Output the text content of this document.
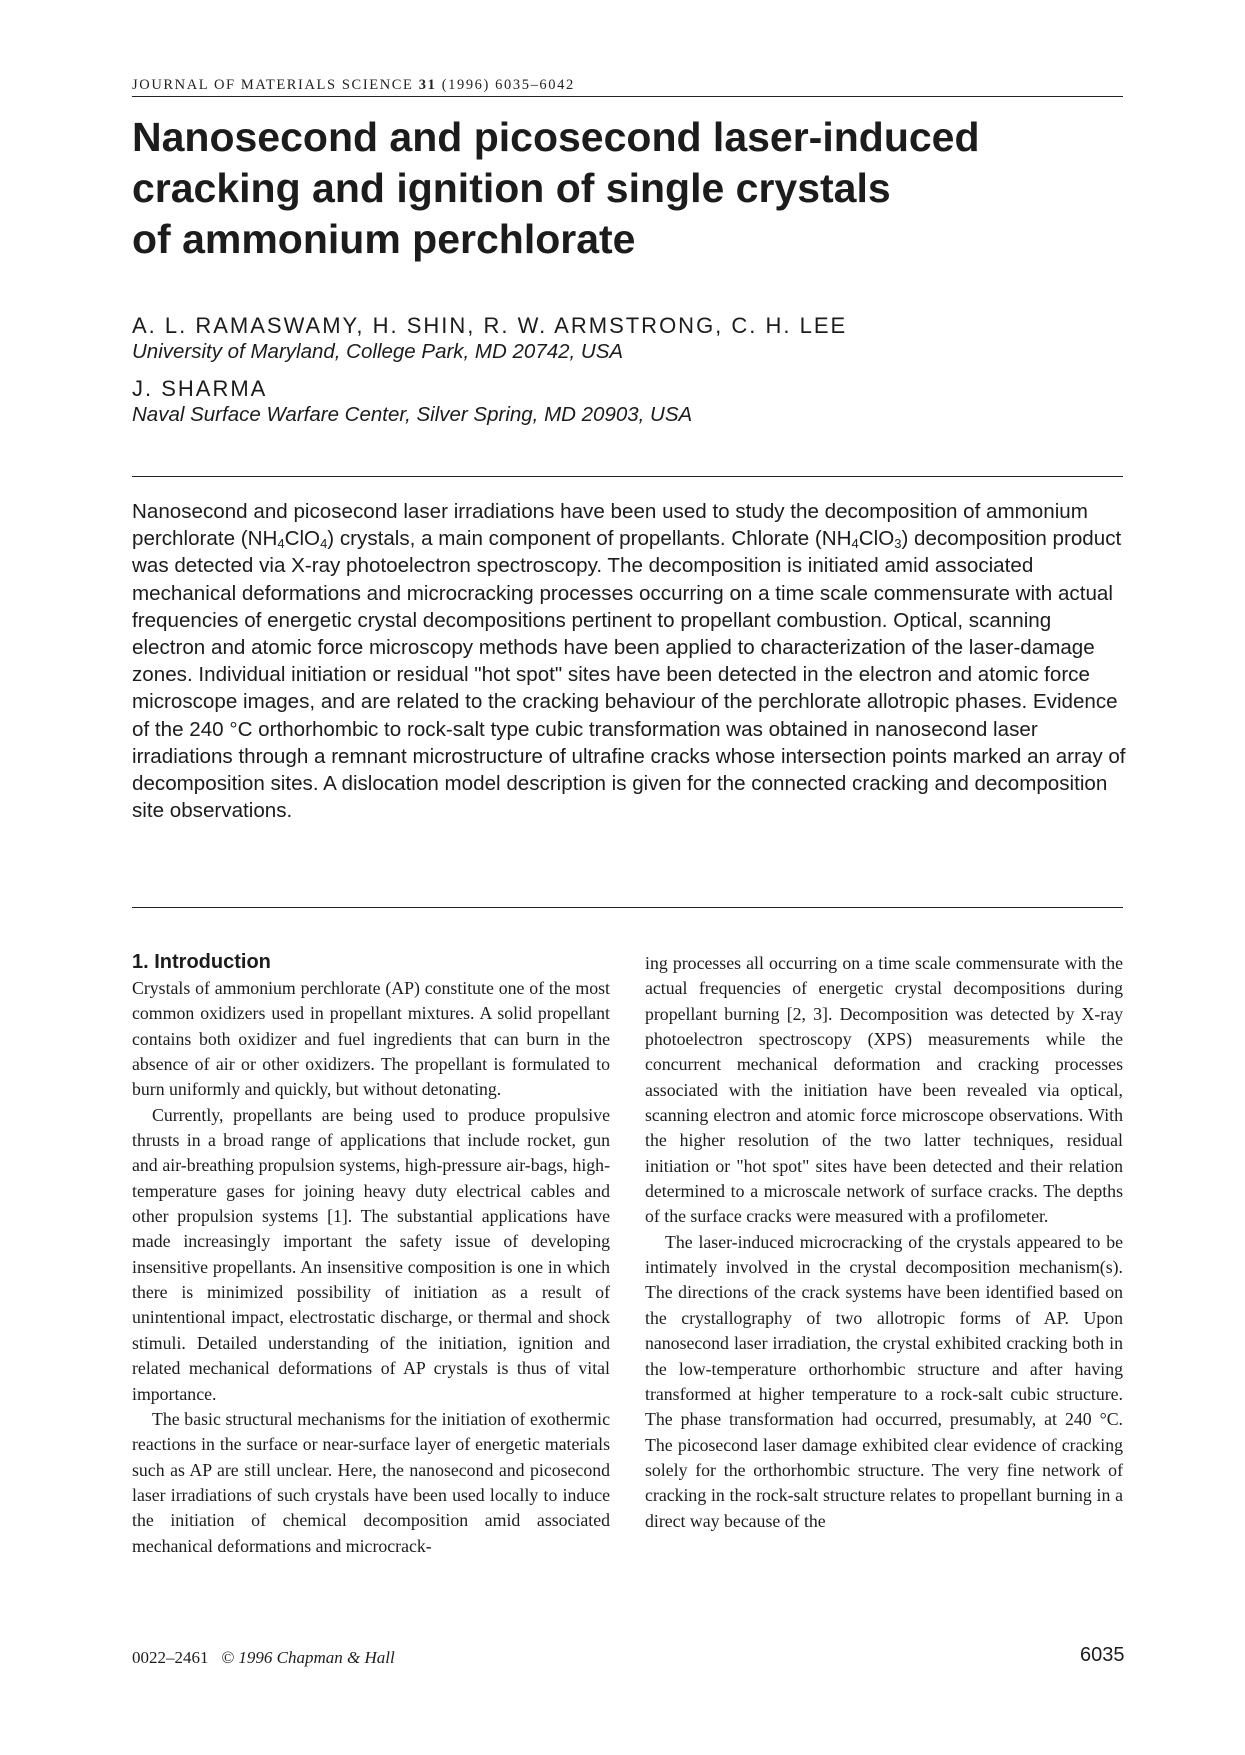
JOURNAL OF MATERIALS SCIENCE 31 (1996) 6035–6042
Nanosecond and picosecond laser-induced
cracking and ignition of single crystals
of ammonium perchlorate

A. L. RAMASWAMY, H. SHIN, R. W. ARMSTRONG, C. H. LEE

University of Maryland, College Park, MD 20742, USA

J. SHARMA

Naval Surface Warfare Center, Silver Spring, MD 20903, USA

Nanosecond and picosecond laser irradiations have been used to study the decomposition of ammonium perchlorate $(NH_4ClO_4)$ crystals, a main component of propellants. Chlorate $(NH_4ClO_3)$ decomposition product was detected via X-ray photoelectron spectroscopy. The decomposition is initiated amid associated mechanical deformations and microcracking processes occurring on a time scale commensurate with actual frequencies of energetic crystal decompositions pertinent to propellant combustion. Optical, scanning electron and atomic force microscopy methods have been applied to characterization of the laser-damage zones. Individual initiation or residual "hot spot" sites have been detected in the electron and atomic force microscope images, and are related to the cracking behaviour of the perchlorate allotropic phases. Evidence of the 240 °C orthorhombic to rock-salt type cubic transformation was obtained in nanosecond laser irradiations through a remnant microstructure of ultrafine cracks whose intersection points marked an array of decomposition sites. A dislocation model description is given for the connected cracking and decomposition site observations.

1. Introduction

Crystals of ammonium perchlorate (AP) constitute one of the most common oxidizers used in propellant mixtures. A solid propellant contains both oxidizer and fuel ingredients that can burn in the absence of air or other oxidizers. The propellant is formulated to burn uniformly and quickly, but without detonating.

Currently, propellants are being used to produce propulsive thrusts in a broad range of applications that include rocket, gun and air-breathing propulsion systems, high-pressure air-bags, high-temperature gases for joining heavy duty electrical cables and other propulsion systems [1]. The substantial applications have made increasingly important the safety issue of developing insensitive propellants. An insensitive composition is one in which there is minimized possibility of initiation as a result of unintentional impact, electrostatic discharge, or thermal and shock stimuli. Detailed understanding of the initiation, ignition and related mechanical deformations of AP crystals is thus of vital importance.

The basic structural mechanisms for the initiation of exothermic reactions in the surface or near-surface layer of energetic materials such as AP are still unclear. Here, the nanosecond and picosecond laser irradiations of such crystals have been used locally to induce the initiation of chemical decomposition amid associated mechanical deformations and microcrack-

ing processes all occurring on a time scale commensurate with the actual frequencies of energetic crystal decompositions during propellant burning [2, 3]. Decomposition was detected by X-ray photoelectron spectroscopy (XPS) measurements while the concurrent mechanical deformation and cracking processes associated with the initiation have been revealed via optical, scanning electron and atomic force microscope observations. With the higher resolution of the two latter techniques, residual initiation or "hot spot" sites have been detected and their relation determined to a microscale network of surface cracks. The depths of the surface cracks were measured with a profilometer.

The laser-induced microcracking of the crystals appeared to be intimately involved in the crystal decomposition mechanism(s). The directions of the crack systems have been identified based on the crystallography of two allotropic forms of AP. Upon nanosecond laser irradiation, the crystal exhibited cracking both in the low-temperature orthorhombic structure and after having transformed at higher temperature to a rock-salt cubic structure. The phase transformation had occurred, presumably, at 240 °C. The picosecond laser damage exhibited clear evidence of cracking solely for the orthorhombic structure. The very fine network of cracking in the rock-salt structure relates to propellant burning in a direct way because of the

0022–2461 © 1996 Chapman & Hall	6035
